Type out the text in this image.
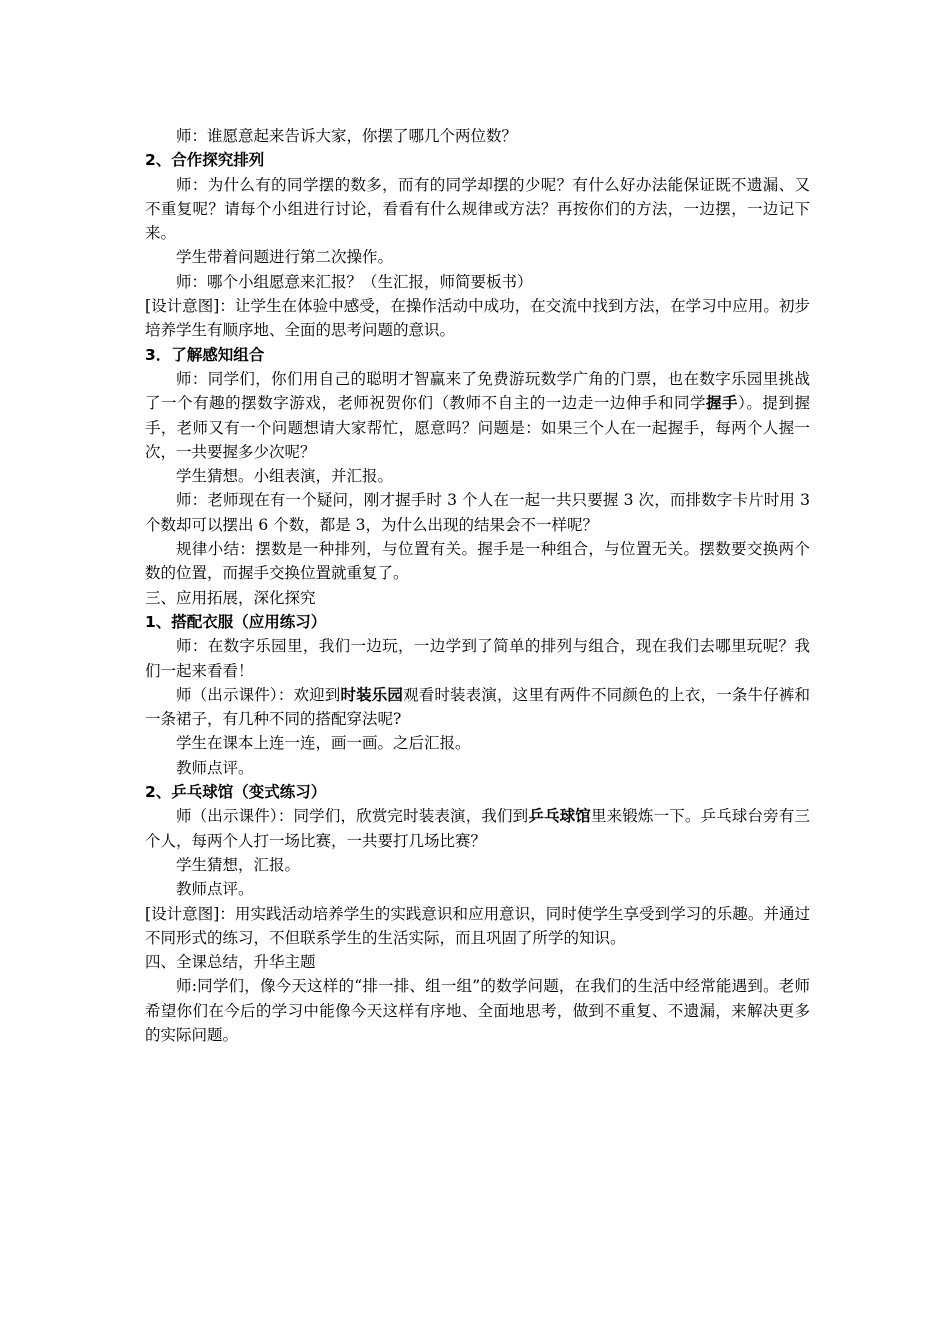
师：谁愿意起来告诉大家，你摆了哪几个两位数？

2、合作探究排列

师：为什么有的同学摆的数多，而有的同学却摆的少呢？有什么好办法能保证既不遗漏、又不重复呢？请每个小组进行讨论，看看有什么规律或方法？再按你们的方法，一边摆，一边记下来。

学生带着问题进行第二次操作。

师：哪个小组愿意来汇报？（生汇报，师简要板书）

[设计意图]：让学生在体验中感受，在操作活动中成功，在交流中找到方法，在学习中应用。初步培养学生有顺序地、全面的思考问题的意识。

3．了解感知组合

师：同学们，你们用自己的聪明才智赢来了免费游玩数学广角的门票，也在数字乐园里挑战了一个有趣的摆数字游戏，老师祝贺你们（教师不自主的一边走一边伸手和同学握手）。提到握手，老师又有一个问题想请大家帮忙，愿意吗？问题是：如果三个人在一起握手，每两个人握一次，一共要握多少次呢？

学生猜想。小组表演，并汇报。

师：老师现在有一个疑问，刚才握手时 3 个人在一起一共只要握 3 次，而排数字卡片时用 3 个数却可以摆出 6 个数，都是 3，为什么出现的结果会不一样呢？

规律小结：摆数是一种排列，与位置有关。握手是一种组合，与位置无关。摆数要交换两个数的位置，而握手交换位置就重复了。

三、应用拓展，深化探究

1、搭配衣服（应用练习）

师：在数字乐园里，我们一边玩，一边学到了简单的排列与组合，现在我们去哪里玩呢？我们一起来看看！

师（出示课件）：欢迎到时装乐园观看时装表演，这里有两件不同颜色的上衣，一条牛仔裤和一条裙子，有几种不同的搭配穿法呢?

学生在课本上连一连，画一画。之后汇报。

教师点评。

2、乒乓球馆（变式练习）

师（出示课件）：同学们，欣赏完时装表演，我们到乒乓球馆里来锻炼一下。乒乓球台旁有三个人，每两个人打一场比赛，一共要打几场比赛？

学生猜想，汇报。

教师点评。

[设计意图]：用实践活动培养学生的实践意识和应用意识，同时使学生享受到学习的乐趣。并通过不同形式的练习，不但联系学生的生活实际，而且巩固了所学的知识。

四、全课总结，升华主题

师:同学们，像今天这样的“排一排、组一组”的数学问题，在我们的生活中经常能遇到。老师希望你们在今后的学习中能像今天这样有序地、全面地思考，做到不重复、不遗漏，来解决更多的实际问题。
